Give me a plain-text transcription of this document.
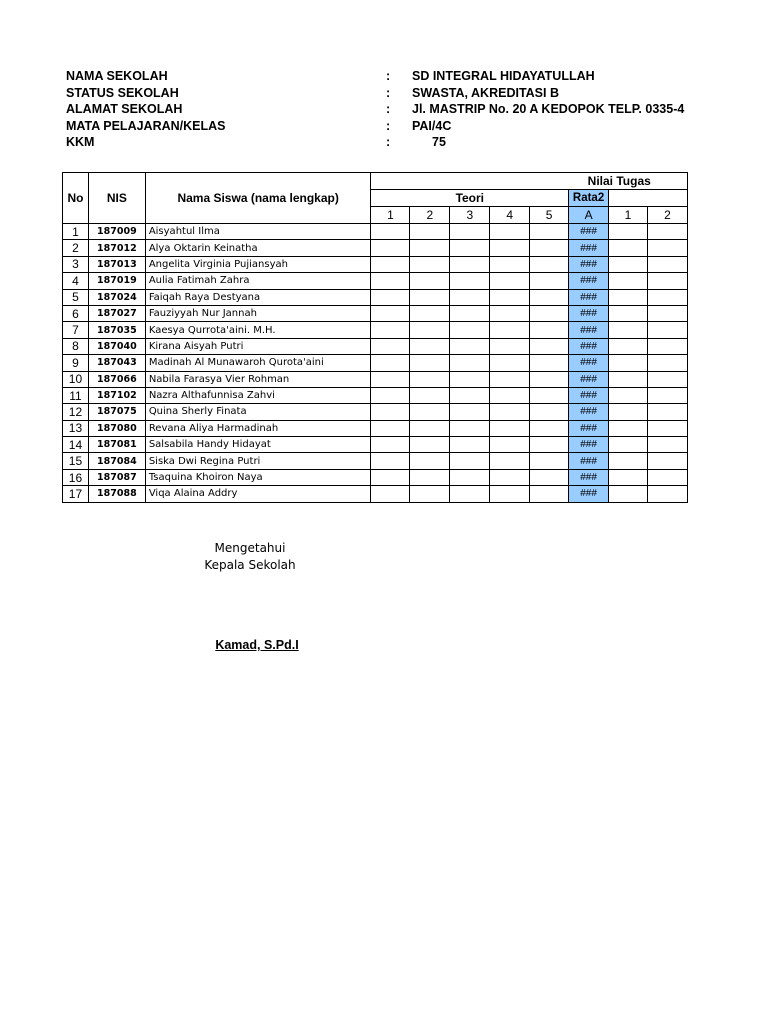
NAMA SEKOLAH	: SD INTEGRAL HIDAYATULLAH
STATUS SEKOLAH	: SWASTA, AKREDITASI B
ALAMAT SEKOLAH	: Jl. MASTRIP No. 20 A KEDOPOK TELP. 0335-4
MATA PELAJARAN/KELAS	: PAI/4C
KKM	:	75
No	NIS	Nama Siswa (nama lengkap)	Nilai Tugas							
			Teori					Rata2		
			1	2	3	4	5	A	1	2
1	187009	Aisyahtul Ilma						###		
2	187012	Alya Oktarin Keinatha						###		
3	187013	Angelita Virginia Pujiansyah						###		
4	187019	Aulia Fatimah Zahra						###		
5	187024	Faiqah Raya Destyana						###		
6	187027	Fauziyyah Nur Jannah						###		
7	187035	Kaesya Qurrota'aini. M.H.						###		
8	187040	Kirana Aisyah Putri						###		
9	187043	Madinah Al Munawaroh Qurota'aini						###		
10	187066	Nabila Farasya Vier Rohman						###		
11	187102	Nazra Althafunnisa Zahvi						###		
12	187075	Quina Sherly Finata						###		
13	187080	Revana Aliya Harmadinah						###		
14	187081	Salsabila Handy Hidayat						###		
15	187084	Siska Dwi Regina Putri						###		
16	187087	Tsaquina Khoiron Naya						###		
17	187088	Viqa Alaina Addry						###		
Mengetahui
Kepala Sekolah
Kamad, S.Pd.I
